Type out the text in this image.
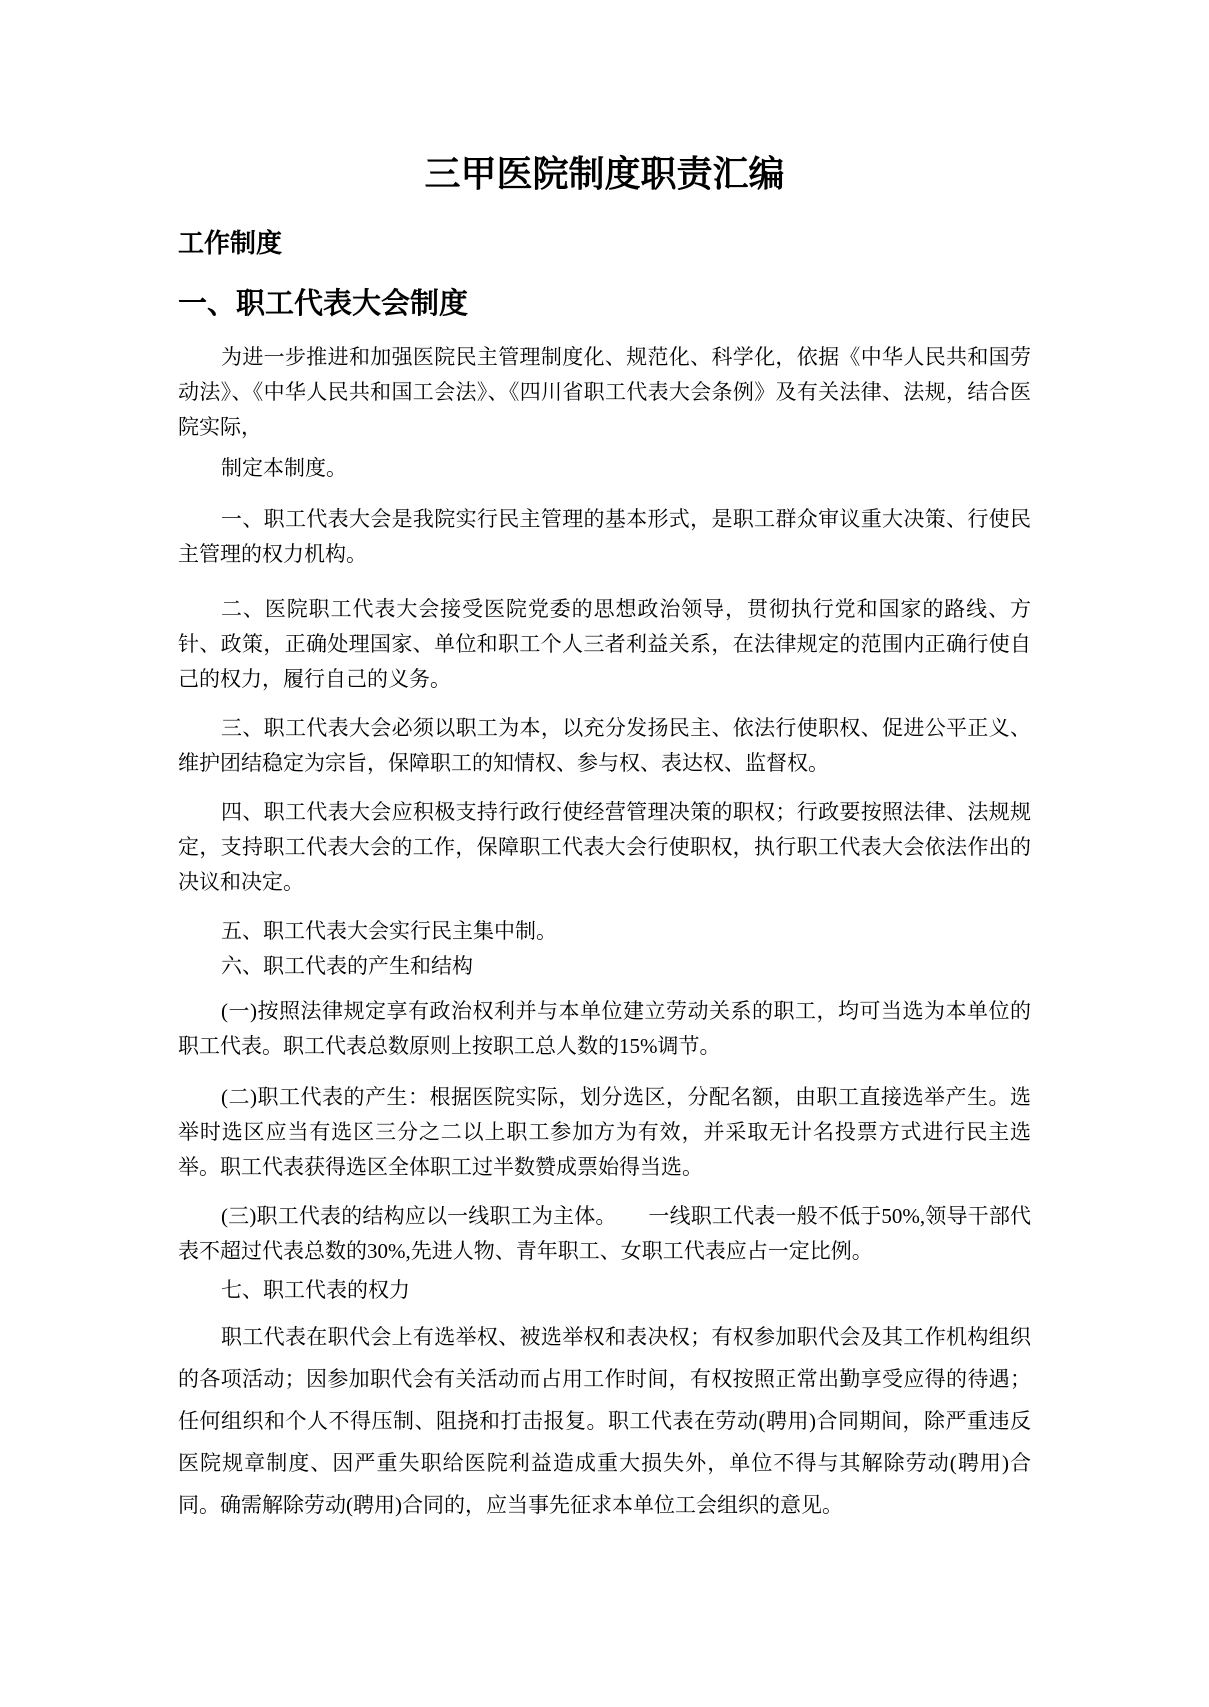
三甲医院制度职责汇编
工作制度
一、职工代表大会制度

为进一步推进和加强医院民主管理制度化、规范化、科学化，依据《中华人民共和国劳动法》、《中华人民共和国工会法》、《四川省职工代表大会条例》及有关法律、法规，结合医院实际，

制定本制度。

一、职工代表大会是我院实行民主管理的基本形式，是职工群众审议重大决策、行使民主管理的权力机构。

二、医院职工代表大会接受医院党委的思想政治领导，贯彻执行党和国家的路线、方针、政策，正确处理国家、单位和职工个人三者利益关系，在法律规定的范围内正确行使自己的权力，履行自己的义务。

三、职工代表大会必须以职工为本，以充分发扬民主、依法行使职权、促进公平正义、维护团结稳定为宗旨，保障职工的知情权、参与权、表达权、监督权。

四、职工代表大会应积极支持行政行使经营管理决策的职权；行政要按照法律、法规规定，支持职工代表大会的工作，保障职工代表大会行使职权，执行职工代表大会依法作出的决议和决定。

五、职工代表大会实行民主集中制。

六、职工代表的产生和结构

(一)按照法律规定享有政治权利并与本单位建立劳动关系的职工，均可当选为本单位的职工代表。职工代表总数原则上按职工总人数的15%调节。

(二)职工代表的产生：根据医院实际，划分选区，分配名额，由职工直接选举产生。选举时选区应当有选区三分之二以上职工参加方为有效，并采取无计名投票方式进行民主选举。职工代表获得选区全体职工过半数赞成票始得当选。

(三)职工代表的结构应以一线职工为主体。　　一线职工代表一般不低于50%,领导干部代表不超过代表总数的30%,先进人物、青年职工、女职工代表应占一定比例。

七、职工代表的权力

职工代表在职代会上有选举权、被选举权和表决权；有权参加职代会及其工作机构组织的各项活动；因参加职代会有关活动而占用工作时间，有权按照正常出勤享受应得的待遇；任何组织和个人不得压制、阻挠和打击报复。职工代表在劳动(聘用)合同期间，除严重违反医院规章制度、因严重失职给医院利益造成重大损失外，单位不得与其解除劳动(聘用)合同。确需解除劳动(聘用)合同的，应当事先征求本单位工会组织的意见。
